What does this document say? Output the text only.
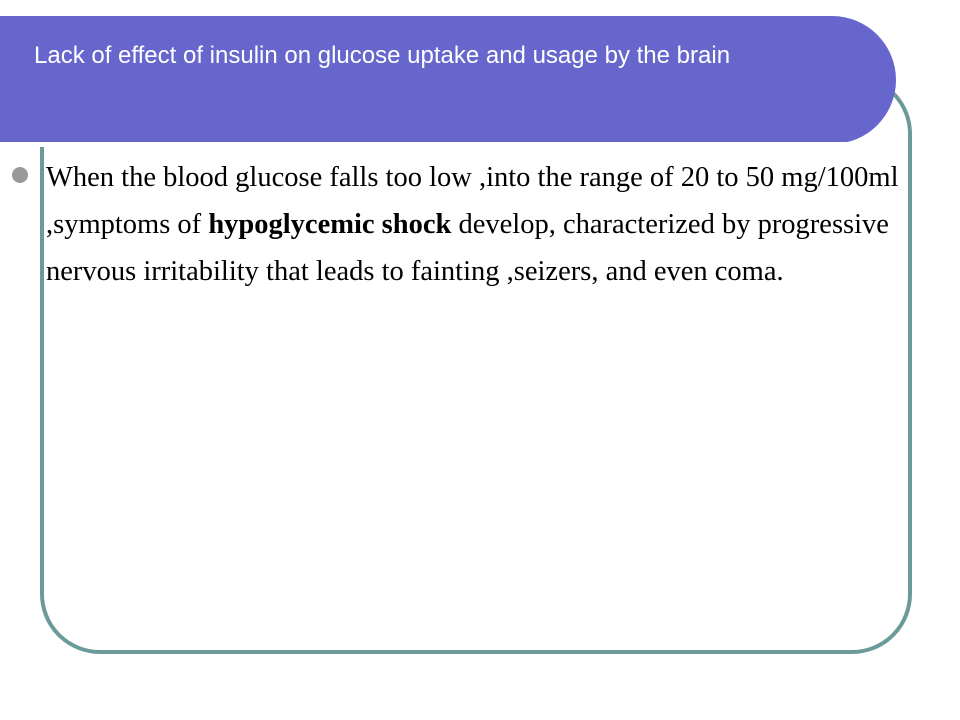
Lack of effect of insulin on glucose uptake and usage by the brain

When the blood glucose falls too low ,into the range of 20 to 50 mg/100ml ,symptoms of hypoglycemic shock develop, characterized by progressive nervous irritability that leads to fainting ,seizers, and even coma.
